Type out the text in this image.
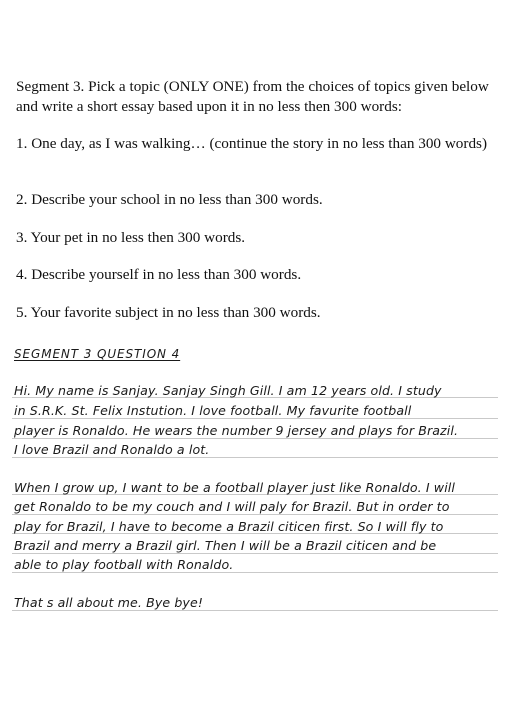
Segment 3. Pick a topic (ONLY ONE) from the choices of topics given below and write a short essay based upon it in no less then 300 words:

1. One day, as I was walking… (continue the story in no less than 300 words)

2. Describe your school in no less than 300 words.

3. Your pet in no less then 300 words.

4. Describe yourself in no less than 300 words.

5. Your favorite subject in no less than 300 words.

SEGMENT 3 QUESTION 4
Hi. My name is Sanjay. Sanjay Singh Gill. I am 12 years old. I study
in S.R.K. St. Felix Instution. I love football. My favurite football
player is Ronaldo. He wears the number 9 jersey and plays for Brazil.
I love Brazil and Ronaldo a lot.
When I grow up, I want to be a football player just like Ronaldo. I will
get Ronaldo to be my couch and I will paly for Brazil. But in order to
play for Brazil, I have to become a Brazil citicen first. So I will fly to
Brazil and merry a Brazil girl. Then I will be a Brazil citicen and be
able to play football with Ronaldo.
That s all about me. Bye bye!
